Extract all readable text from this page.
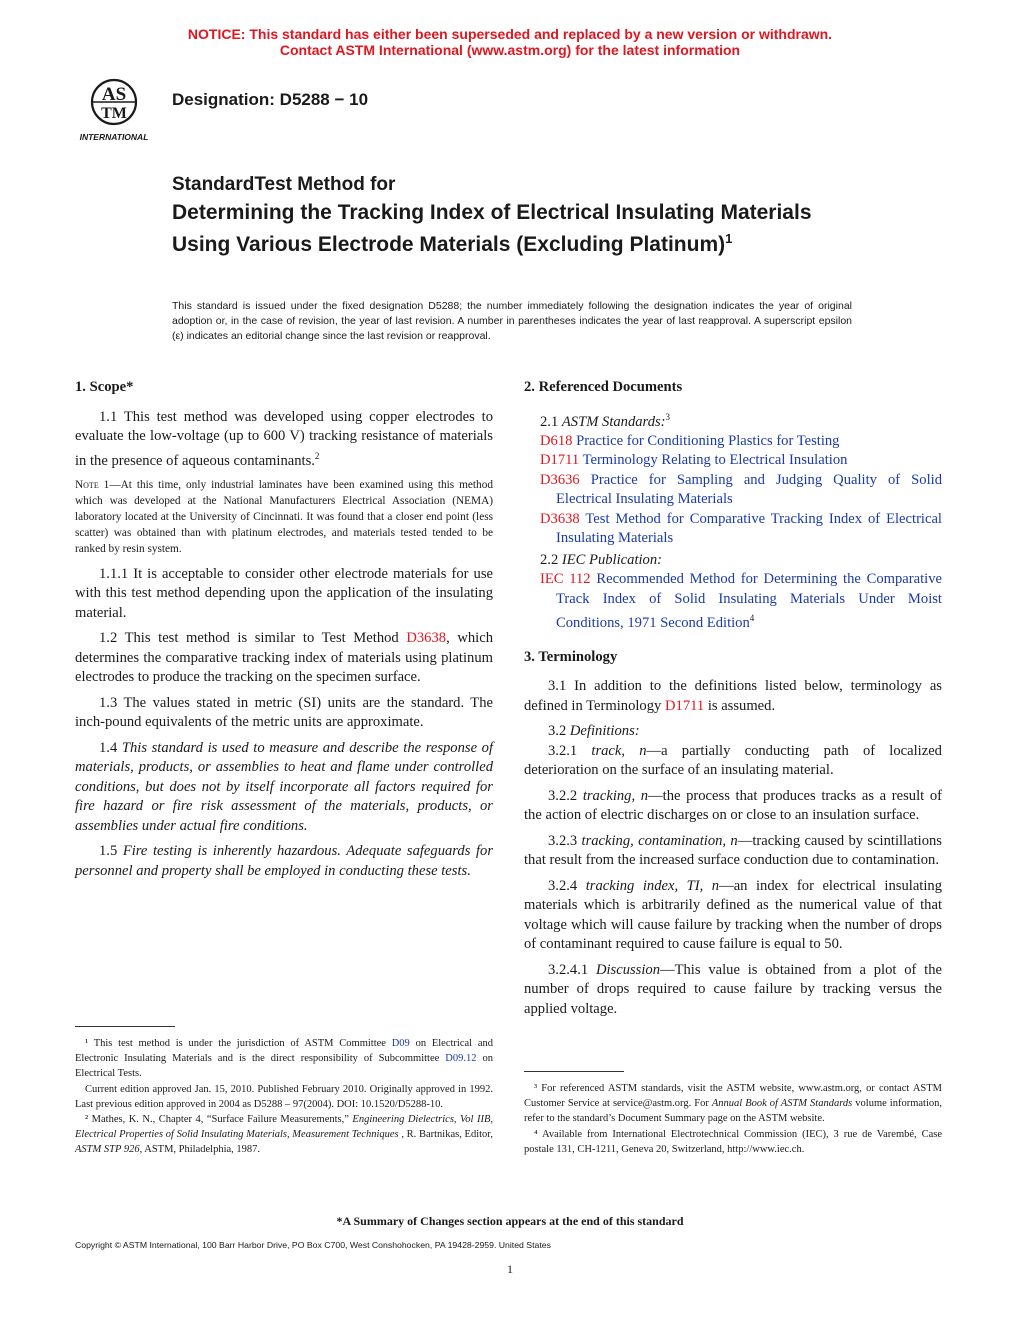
NOTICE: This standard has either been superseded and replaced by a new version or withdrawn.
Contact ASTM International (www.astm.org) for the latest information
AS
TM
INTERNATIONAL
Designation: D5288 − 10
StandardTest Method for
Determining the Tracking Index of Electrical Insulating Materials Using Various Electrode Materials (Excluding Platinum)$^1$
This standard is issued under the fixed designation D5288; the number immediately following the designation indicates the year of original adoption or, in the case of revision, the year of last revision. A number in parentheses indicates the year of last reapproval. A superscript epsilon (ε) indicates an editorial change since the last revision or reapproval.

1. Scope*

1.1 This test method was developed using copper electrodes to evaluate the low-voltage (up to 600 V) tracking resistance of materials in the presence of aqueous contaminants.$^2$

Note 1—At this time, only industrial laminates have been examined using this method which was developed at the National Manufacturers Electrical Association (NEMA) laboratory located at the University of Cincinnati. It was found that a closer end point (less scatter) was obtained than with platinum electrodes, and materials tested tended to be ranked by resin system.

1.1.1 It is acceptable to consider other electrode materials for use with this test method depending upon the application of the insulating material.

1.2 This test method is similar to Test Method D3638, which determines the comparative tracking index of materials using platinum electrodes to produce the tracking on the specimen surface.

1.3 The values stated in metric (SI) units are the standard. The inch-pound equivalents of the metric units are approximate.

1.4 This standard is used to measure and describe the response of materials, products, or assemblies to heat and flame under controlled conditions, but does not by itself incorporate all factors required for fire hazard or fire risk assessment of the materials, products, or assemblies under actual fire conditions.

1.5 Fire testing is inherently hazardous. Adequate safeguards for personnel and property shall be employed in conducting these tests.

¹ This test method is under the jurisdiction of ASTM Committee D09 on Electrical and Electronic Insulating Materials and is the direct responsibility of Subcommittee D09.12 on Electrical Tests.

Current edition approved Jan. 15, 2010. Published February 2010. Originally approved in 1992. Last previous edition approved in 2004 as D5288 – 97(2004). DOI: 10.1520/D5288-10.

² Mathes, K. N., Chapter 4, “Surface Failure Measurements,” Engineering Dielectrics, Vol IIB, Electrical Properties of Solid Insulating Materials, Measurement Techniques , R. Bartnikas, Editor, ASTM STP 926, ASTM, Philadelphia, 1987.

2. Referenced Documents

2.1 ASTM Standards:$^3$

D618 Practice for Conditioning Plastics for Testing

D1711 Terminology Relating to Electrical Insulation

D3636 Practice for Sampling and Judging Quality of Solid Electrical Insulating Materials

D3638 Test Method for Comparative Tracking Index of Electrical Insulating Materials

2.2 IEC Publication:

IEC 112 Recommended Method for Determining the Comparative Track Index of Solid Insulating Materials Under Moist Conditions, 1971 Second Edition$^4$

3. Terminology

3.1 In addition to the definitions listed below, terminology as defined in Terminology D1711 is assumed.

3.2 Definitions:

3.2.1 track, n—a partially conducting path of localized deterioration on the surface of an insulating material.

3.2.2 tracking, n—the process that produces tracks as a result of the action of electric discharges on or close to an insulation surface.

3.2.3 tracking, contamination, n—tracking caused by scintillations that result from the increased surface conduction due to contamination.

3.2.4 tracking index, TI, n—an index for electrical insulating materials which is arbitrarily defined as the numerical value of that voltage which will cause failure by tracking when the number of drops of contaminant required to cause failure is equal to 50.

3.2.4.1 Discussion—This value is obtained from a plot of the number of drops required to cause failure by tracking versus the applied voltage.

³ For referenced ASTM standards, visit the ASTM website, www.astm.org, or contact ASTM Customer Service at service@astm.org. For Annual Book of ASTM Standards volume information, refer to the standard’s Document Summary page on the ASTM website.

⁴ Available from International Electrotechnical Commission (IEC), 3 rue de Varembé, Case postale 131, CH-1211, Geneva 20, Switzerland, http://www.iec.ch.

*A Summary of Changes section appears at the end of this standard
Copyright © ASTM International, 100 Barr Harbor Drive, PO Box C700, West Conshohocken, PA 19428-2959. United States
1
